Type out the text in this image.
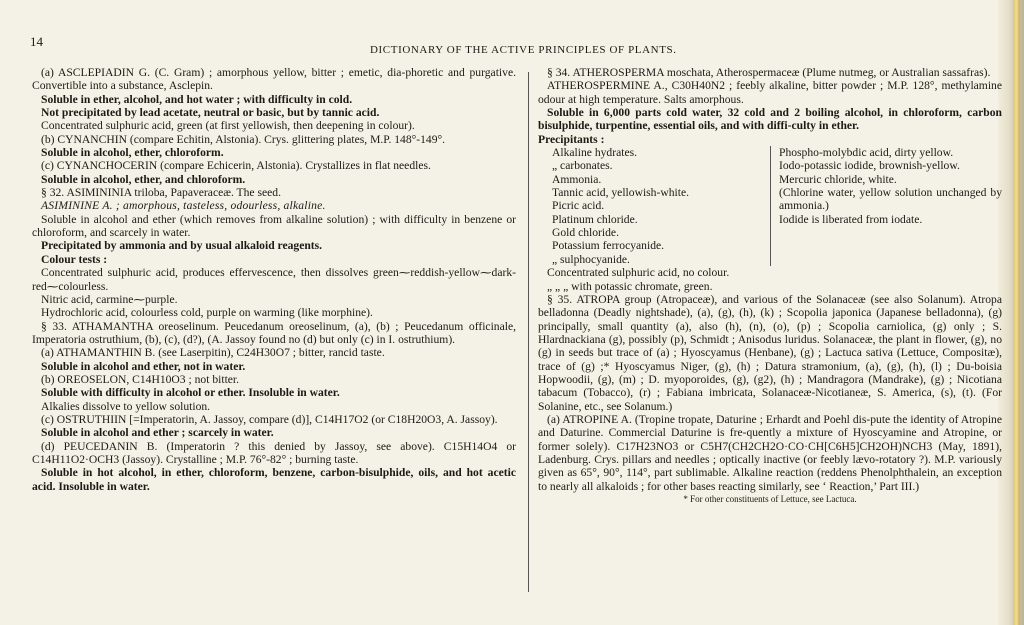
14
DICTIONARY OF THE ACTIVE PRINCIPLES OF PLANTS.

(a) ASCLEPIADIN G. (C. Gram) ; amorphous yellow, bitter ; emetic, dia-phoretic and purgative. Convertible into a substance, Asclepin.

Soluble in ether, alcohol, and hot water ; with difficulty in cold.

Not precipitated by lead acetate, neutral or basic, but by tannic acid.

Concentrated sulphuric acid, green (at first yellowish, then deepening in colour).

(b) CYNANCHIN (compare Echitin, Alstonia). Crys. glittering plates, M.P. 148°-149°.

Soluble in alcohol, ether, chloroform.

(c) CYNANCHOCERIN (compare Echicerin, Alstonia). Crystallizes in flat needles.

Soluble in alcohol, ether, and chloroform.

§ 32. ASIMININIA triloba, Papaveraceæ. The seed.

ASIMININE A. ; amorphous, tasteless, odourless, alkaline.

Soluble in alcohol and ether (which removes from alkaline solution) ; with difficulty in benzene or chloroform, and scarcely in water.

Precipitated by ammonia and by usual alkaloid reagents.

Colour tests :

Concentrated sulphuric acid, produces effervescence, then dissolves green⁓reddish-yellow⁓dark-red⁓colourless.

Nitric acid, carmine⁓purple.

Hydrochloric acid, colourless cold, purple on warming (like morphine).

§ 33. ATHAMANTHA oreoselinum. Peucedanum oreoselinum, (a), (b) ; Peucedanum officinale, Imperatoria ostruthium, (b), (c), (d?), (A. Jassoy found no (d) but only (c) in I. ostruthium).

(a) ATHAMANTHIN B. (see Laserpitin), C24H30O7 ; bitter, rancid taste.

Soluble in alcohol and ether, not in water.

(b) OREOSELON, C14H10O3 ; not bitter.

Soluble with difficulty in alcohol or ether. Insoluble in water.

Alkalies dissolve to yellow solution.

(c) OSTRUTHIIN [=Imperatorin, A. Jassoy, compare (d)], C14H17O2 (or C18H20O3, A. Jassoy).

Soluble in alcohol and ether ; scarcely in water.

(d) PEUCEDANIN B. (Imperatorin ? this denied by Jassoy, see above). C15H14O4 or C14H11O2·OCH3 (Jassoy). Crystalline ; M.P. 76°-82° ; burning taste.

Soluble in hot alcohol, in ether, chloroform, benzene, carbon-bisulphide, oils, and hot acetic acid. Insoluble in water.

§ 34. ATHEROSPERMA moschata, Atherospermaceæ (Plume nutmeg, or Australian sassafras).

ATHEROSPERMINE A., C30H40N2 ; feebly alkaline, bitter powder ; M.P. 128°, methylamine odour at high temperature. Salts amorphous.

Soluble in 6,000 parts cold water, 32 cold and 2 boiling alcohol, in chloroform, carbon bisulphide, turpentine, essential oils, and with diffi-culty in ether.

Precipitants :

Alkaline hydrates.
„ carbonates.
Ammonia.
Tannic acid, yellowish-white.
Picric acid.
Platinum chloride.
Gold chloride.
Potassium ferrocyanide.
„ sulphocyanide.
Phospho-molybdic acid, dirty yellow.
Iodo-potassic iodide, brownish-yellow.
Mercuric chloride, white.
(Chlorine water, yellow solution unchanged by ammonia.)
Iodide is liberated from iodate.

Concentrated sulphuric acid, no colour.

„ „ „ with potassic chromate, green.

§ 35. ATROPA group (Atropaceæ), and various of the Solanaceæ (see also Solanum). Atropa belladonna (Deadly nightshade), (a), (g), (h), (k) ; Scopolia japonica (Japanese belladonna), (g) principally, small quantity (a), also (h), (n), (o), (p) ; Scopolia carniolica, (g) only ; S. Hlardnackiana (g), possibly (p), Schmidt ; Anisodus luridus. Solanaceæ, the plant in flower, (g), no (g) in seeds but trace of (a) ; Hyoscyamus (Henbane), (g) ; Lactuca sativa (Lettuce, Compositæ), trace of (g) ;* Hyoscyamus Niger, (g), (h) ; Datura stramonium, (a), (g), (h), (l) ; Du-boisia Hopwoodii, (g), (m) ; D. myoporoides, (g), (g2), (h) ; Mandragora (Mandrake), (g) ; Nicotiana tabacum (Tobacco), (r) ; Fabiana imbricata, Solanaceæ-Nicotianeæ, S. America, (s), (t). (For Solanine, etc., see Solanum.)

(a) ATROPINE A. (Tropine tropate, Daturine ; Erhardt and Poehl dis-pute the identity of Atropine and Daturine. Commercial Daturine is fre-quently a mixture of Hyoscyamine and Atropine, or former solely). C17H23NO3 or C5H7(CH2CH2O·CO·CH[C6H5]CH2OH)NCH3 (May, 1891), Ladenburg. Crys. pillars and needles ; optically inactive (or feebly lævo-rotatory ?). M.P. variously given as 65°, 90°, 114°, part sublimable. Alkaline reaction (reddens Phenolphthalein, an exception to nearly all alkaloids ; for other bases reacting similarly, see ‘ Reaction,’ Part III.)

* For other constituents of Lettuce, see Lactuca.
